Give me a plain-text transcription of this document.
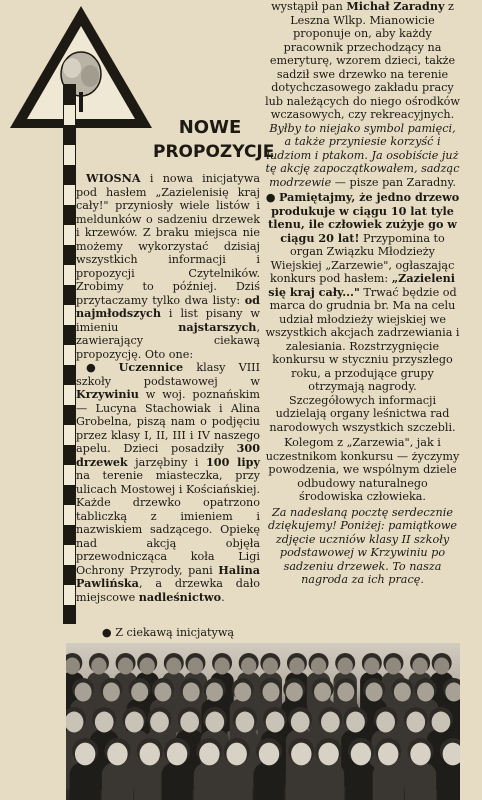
NOWE
PROPOZYCJE

WIOSNA i nowa inicjatywa pod hasłem „Zazielenisię kraj cały!" przyniosły wiele listów i meldunków o sadzeniu drzewek i krzewów. Z braku miejsca nie możemy wykorzystać dzisiaj wszystkich informacji i propozycji Czytelników. Zrobimy to później. Dziś przytaczamy tylko dwa listy: od najmłodszych i list pisany w imieniu najstarszych, zawierający ciekawą propozycję. Oto one:

● Uczennice klasy VIII szkoły podstawowej w Krzywiniu w woj. poznańskim — Lucyna Stachowiak i Alina Grobelna, piszą nam o podjęciu przez klasy I, II, III i IV naszego apelu. Dzieci posadziły 300 drzewek jarzębiny i 100 lipy na terenie miasteczka, przy ulicach Mostowej i Kościańskiej. Każde drzewko opatrzono tabliczką z imieniem i nazwiskiem sadzącego. Opiekę nad akcją objęła przewodnicząca koła Ligi Ochrony Przyrody, pani Halina Pawlińska, a drzewka dało miejscowe nadleśnictwo.

● Z ciekawą inicjatywą

wystąpił pan Michał Zaradny z Leszna Wlkp. Mianowicie proponuje on, aby każdy pracownik przechodzący na emeryturę, wzorem dzieci, także sadził swe drzewko na terenie dotychczasowego zakładu pracy lub należących do niego ośrodków wczasowych, czy rekreacyjnych. Byłby to niejako symbol pamięci, a także przyniesie korzyść i ludziom i ptakom. Ja osobiście już tę akcję zapoczątkowałem, sadząc modrzewie — pisze pan Zaradny.

● Pamiętajmy, że jedno drzewo produkuje w ciągu 10 lat tyle tlenu, ile człowiek zużyje go w ciągu 20 lat! Przypomina to organ Związku Młodzieży Wiejskiej „Zarzewie", ogłaszając konkurs pod hasłem: „Zazieleni się kraj cały..." Trwać będzie od marca do grudnia br. Ma na celu udział młodzieży wiejskiej we wszystkich akcjach zadrzewiania i zalesiania. Rozstrzygnięcie konkursu w styczniu przyszłego roku, a przodujące grupy otrzymają nagrody. Szczegółowych informacji udzielają organy leśnictwa rad narodowych wszystkich szczebli.

Kolegom z „Zarzewia", jak i uczestnikom konkursu — życzymy powodzenia, we wspólnym dziele odbudowy naturalnego środowiska człowieka.

Za nadesłaną pocztę serdecznie dziękujemy! Poniżej: pamiątkowe zdjęcie uczniów klasy II szkoły podstawowej w Krzywiniu po sadzeniu drzewek. To nasza nagroda za ich pracę.
